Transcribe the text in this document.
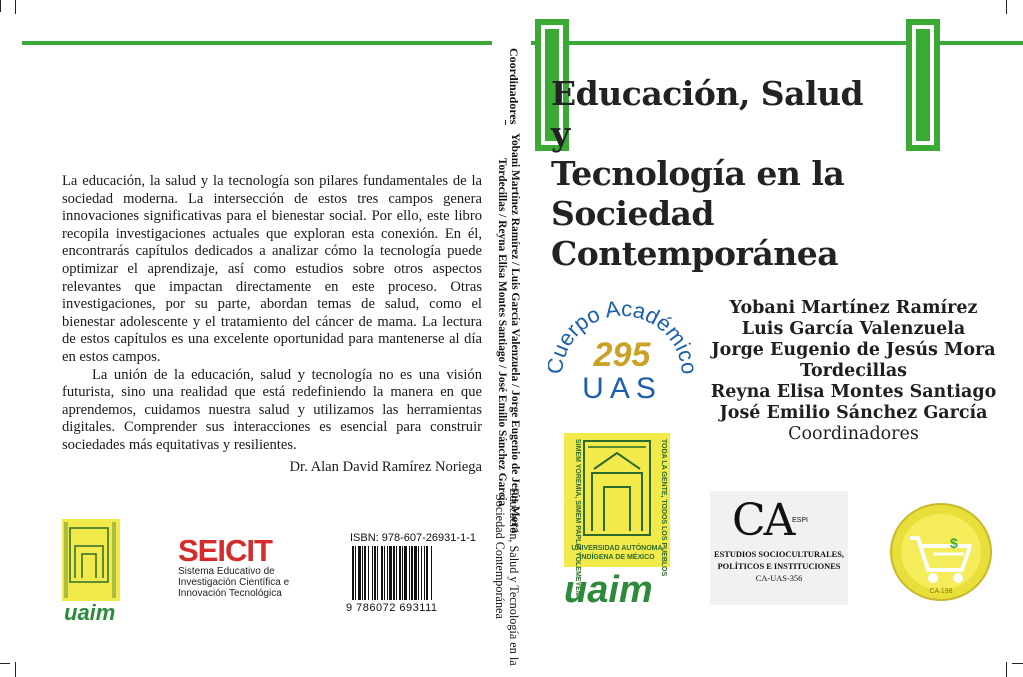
La educación, la salud y la tecnología son pilares fundamentales de la sociedad moderna. La intersección de estos tres campos genera innovaciones significativas para el bienestar social. Por ello, este libro recopila investigaciones actuales que exploran esta conexión. En él, encontrarás capítulos dedicados a analizar cómo la tecnología puede optimizar el aprendizaje, así como estudios sobre otros aspectos relevantes que impactan directamente en este proceso. Otras investigaciones, por su parte, abordan temas de salud, como el bienestar adolescente y el tratamiento del cáncer de mama. La lectura de estos capítulos es una excelente oportunidad para mantenerse al día en estos campos.

La unión de la educación, salud y tecnología no es una visión futurista, sino una realidad que está redefiniendo la manera en que aprendemos, cuidamos nuestra salud y utilizamos las herramientas digitales. Comprender sus interacciones es esencial para construir sociedades más equitativas y resilientes.

Dr. Alan David Ramírez Noriega
uaim
SEICIT
Sistema Educativo de
Investigación Científica e
Innovación Tecnológica
ISBN: 978-607-26931-1-1
9 786072 693111
Coordinadores
Yobani Martínez Ramírez / Luis García Valenzuela / Jorge Eugenio de Jesús Mora
Tordecillas / Reyna Elisa Montes Santiago / José Emilio Sánchez García
Educación, Salud y Tecnología en la
Sociedad Contemporánea
Educación, Salud y
Tecnología en la
Sociedad
Contemporánea
uerpo Académi
295
UAS
Yobani Martínez Ramírez
Luis García Valenzuela
Jorge Eugenio de Jesús Mora
Tordecillas
Reyna Elisa Montes Santiago
José Emilio Sánchez García
Coordinadores
TODA LA GENTE, TODOS LOS PUEBLOS
SIMEM YOREMIA, SIMEM PAPLIA YOLEMEYEM
UNIVERSIDAD AUTÓNOMA
INDÍGENA DE MÉXICO
uaim
CA
ESPI
ESTUDIOS SOCIOCULTURALES,
POLÍTICOS E INSTITUCIONES
CA-UAS-356
$
CA 198
